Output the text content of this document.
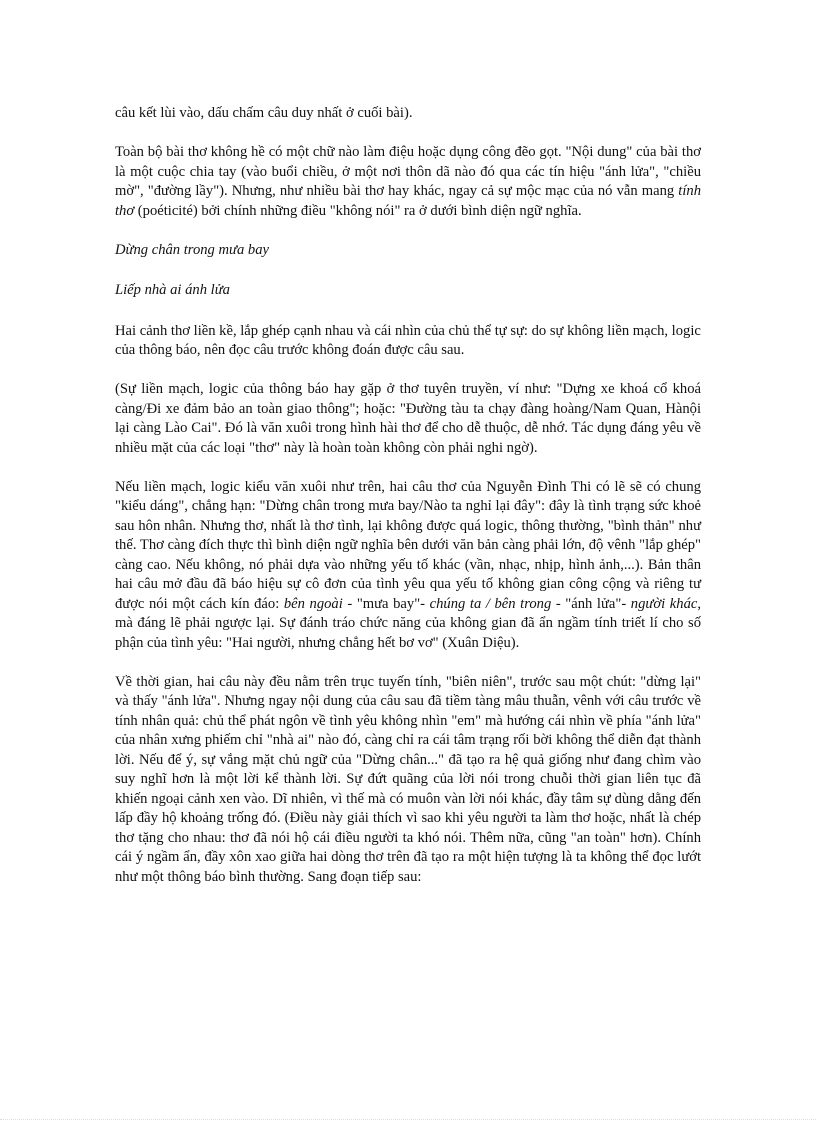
câu kết lùi vào, dấu chấm câu duy nhất ở cuối bài).

Toàn bộ bài thơ không hề có một chữ nào làm điệu hoặc dụng công đẽo gọt. "Nội dung" của bài thơ là một cuộc chia tay (vào buổi chiều, ở một nơi thôn dã nào đó qua các tín hiệu "ánh lửa", "chiều mờ", "đường lầy"). Nhưng, như nhiều bài thơ hay khác, ngay cả sự mộc mạc của nó vẫn mang tính thơ (poéticité) bởi chính những điều "không nói" ra ở dưới bình diện ngữ nghĩa.

Dừng chân trong mưa bay

Liếp nhà ai ánh lửa

Hai cảnh thơ liền kề, lắp ghép cạnh nhau và cái nhìn của chủ thể tự sự: do sự không liền mạch, logic của thông báo, nên đọc câu trước không đoán được câu sau.

(Sự liền mạch, logic của thông báo hay gặp ở thơ tuyên truyền, ví như: "Dựng xe khoá cổ khoá càng/Đi xe đảm bảo an toàn giao thông"; hoặc: "Đường tàu ta chạy đàng hoàng/Nam Quan, Hànội lại càng Lào Cai". Đó là văn xuôi trong hình hài thơ để cho dễ thuộc, dễ nhớ. Tác dụng đáng yêu về nhiều mặt của các loại "thơ" này là hoàn toàn không còn phải nghi ngờ).

Nếu liền mạch, logic kiểu văn xuôi như trên, hai câu thơ của Nguyễn Đình Thi có lẽ sẽ có chung "kiểu dáng", chẳng hạn: "Dừng chân trong mưa bay/Nào ta nghỉ lại đây": đây là tình trạng sức khoẻ sau hôn nhân. Nhưng thơ, nhất là thơ tình, lại không được quá logic, thông thường, "bình thản" như thế. Thơ càng đích thực thì bình diện ngữ nghĩa bên dưới văn bản càng phải lớn, độ vênh "lắp ghép" càng cao. Nếu không, nó phải dựa vào những yếu tố khác (vần, nhạc, nhịp, hình ảnh,...). Bản thân hai câu mở đầu đã báo hiệu sự cô đơn của tình yêu qua yếu tố không gian công cộng và riêng tư được nói một cách kín đáo: bên ngoài - "mưa bay"- chúng ta / bên trong - "ánh lửa"- người khác, mà đáng lẽ phải ngược lại. Sự đánh tráo chức năng của không gian đã ẩn ngầm tính triết lí cho số phận của tình yêu: "Hai người, nhưng chẳng hết bơ vơ" (Xuân Diệu).

Về thời gian, hai câu này đều nằm trên trục tuyến tính, "biên niên", trước sau một chút: "dừng lại" và thấy "ánh lửa". Nhưng ngay nội dung của câu sau đã tiềm tàng mâu thuẫn, vênh với câu trước về tính nhân quả: chủ thể phát ngôn về tình yêu không nhìn "em" mà hướng cái nhìn về phía "ánh lửa" của nhân xưng phiếm chỉ "nhà ai" nào đó, càng chỉ ra cái tâm trạng rối bời không thể diễn đạt thành lời. Nếu để ý, sự vắng mặt chủ ngữ của "Dừng chân..." đã tạo ra hệ quả giống như đang chìm vào suy nghĩ hơn là một lời kể thành lời. Sự đứt quãng của lời nói trong chuỗi thời gian liên tục đã khiến ngoại cảnh xen vào. Dĩ nhiên, vì thế mà có muôn vàn lời nói khác, đầy tâm sự dùng dằng đến lấp đầy hộ khoảng trống đó. (Điều này giải thích vì sao khi yêu người ta làm thơ hoặc, nhất là chép thơ tặng cho nhau: thơ đã nói hộ cái điều người ta khó nói. Thêm nữa, cũng "an toàn" hơn). Chính cái ý ngầm ẩn, đầy xôn xao giữa hai dòng thơ trên đã tạo ra một hiện tượng là ta không thể đọc lướt như một thông báo bình thường. Sang đoạn tiếp sau:
